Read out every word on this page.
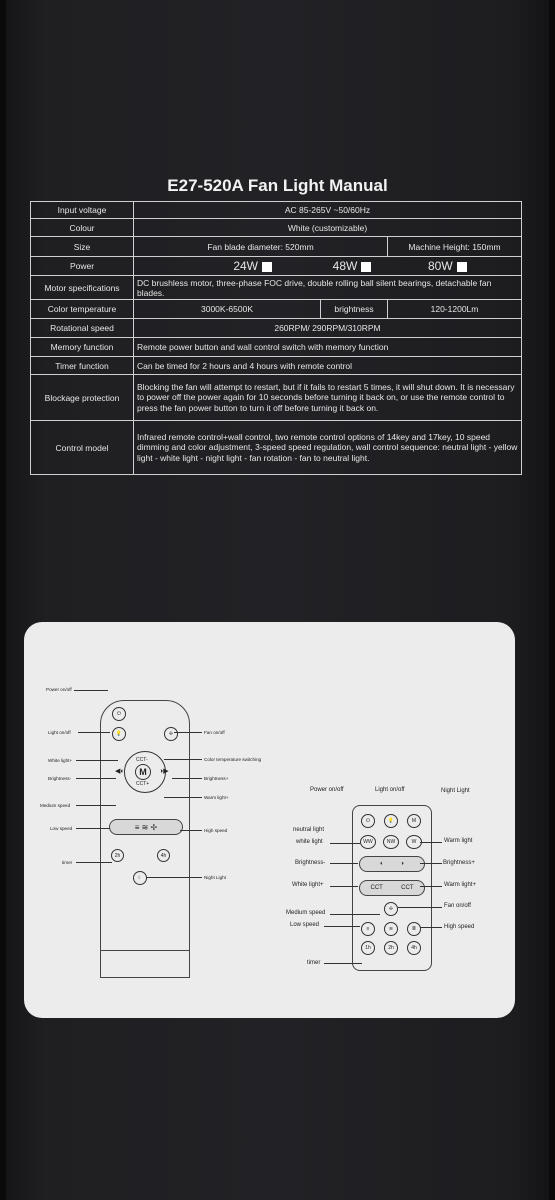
E27-520A Fan Light Manual
Input voltage	AC 85-265V ~50/60Hz		
Colour	White (customizable)		
Size	Fan blade diameter: 520mm		Machine Height: 150mm
Power	24W 48W 80W		
Motor specifications	DC brushless motor, three-phase FOC drive, double rolling ball silent bearings, detachable fan blades.		
Color temperature	3000K-6500K	brightness	120-1200Lm
Rotational speed	260RPM/ 290RPM/310RPM		
Memory function	Remote power button and wall control switch with memory function		
Timer function	Can be timed for 2 hours and 4 hours with remote control		
Blockage protection	Blocking the fan will attempt to restart, but if it fails to restart 5 times, it will shut down. It is necessary to power off the power again for 10 seconds before turning it back on, or use the remote control to press the fan power button to turn it off before turning it back on.		
Control model	Infrared remote control+wall control, two remote control options of 14key and 17key, 10 speed dimming and color adjustment, 3-speed speed regulation, wall control sequence: neutral light - yellow light - white light - night light - fan rotation - fan to neutral light.		
⏻
💡	✢
CCT-
M
CCT+
◀◐	◑▶
≡ ≋ ✢
2h	4h
☾
Power on/off
Light on/off
White light+
Brightness-
Medium speed
Low speed
timer
Fan on/off
Color temperature switching
Brightness+
Warm light+
High speed
Night Light
⏻	💡	M
WW	NW	W
◐          ◑
CCT
	CCT
✢
≡	≋	≣
1h	2h	4h
Power on/off	Light on/off	Night Light
neutral light
white light	Warm light
Brightness-	Brightness+
White light+	Warm light+
Fan on/off
Medium speed
Low speed	High speed
timer
